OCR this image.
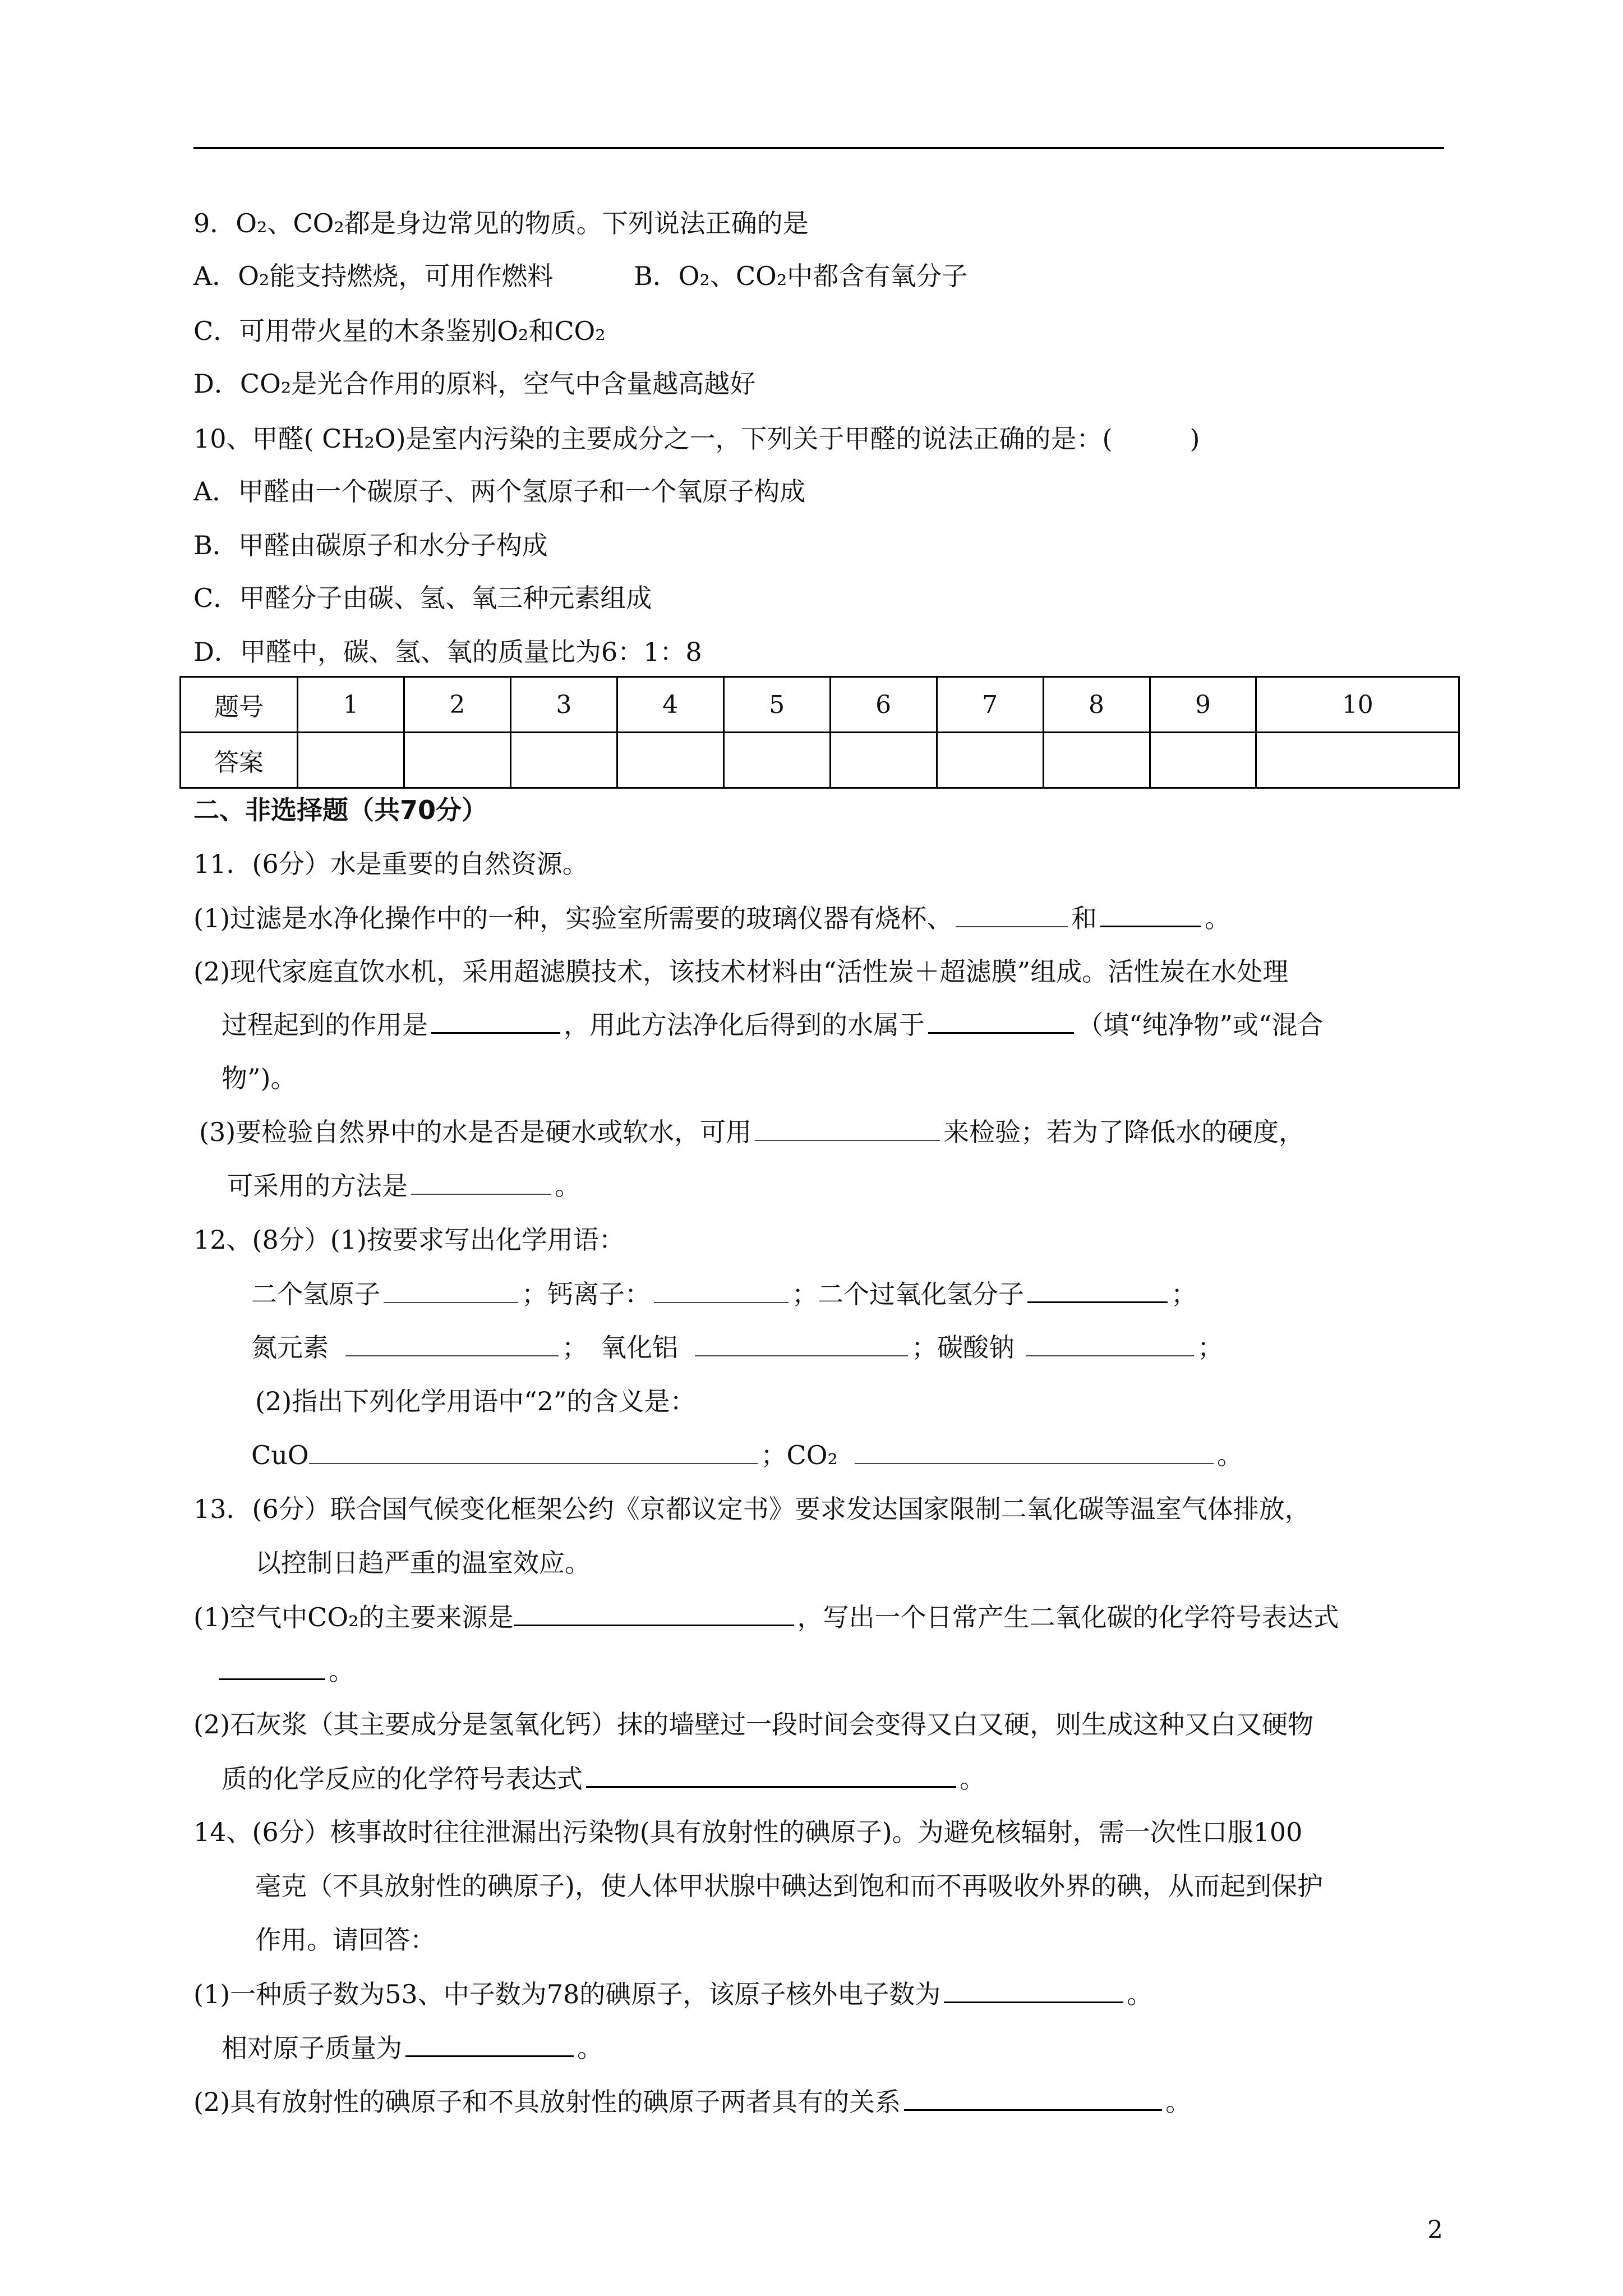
9．O₂、CO₂都是身边常见的物质。下列说法正确的是
A．O₂能支持燃烧，可用作燃料	B．O₂、CO₂中都含有氧分子
C．可用带火星的木条鉴别O₂和CO₂
D．CO₂是光合作用的原料，空气中含量越高越好
10、甲醛( CH₂O)是室内污染的主要成分之一，下列关于甲醛的说法正确的是：(　　　)
A．甲醛由一个碳原子、两个氢原子和一个氧原子构成
B．甲醛由碳原子和水分子构成
C．甲醛分子由碳、氢、氧三种元素组成
D．甲醛中，碳、氢、氧的质量比为6：1：8
题号	1	2	3	4	5	6	7	8	9	10
答案										
二、非选择题（共70分）
11．(6分）水是重要的自然资源。
(1)过滤是水净化操作中的一种，实验室所需要的玻璃仪器有烧杯、	和	。
(2)现代家庭直饮水机，采用超滤膜技术，该技术材料由“活性炭＋超滤膜”组成。活性炭在水处理
过程起到的作用是	，用此方法净化后得到的水属于	（填“纯净物”或“混合
物”)。
(3)要检验自然界中的水是否是硬水或软水，可用	来检验；若为了降低水的硬度，
可采用的方法是	。
12、(8分）(1)按要求写出化学用语：
二个氢原子	；钙离子：	；二个过氧化氢分子	；
氮元素	；　氧化铝	；碳酸钠	；
(2)指出下列化学用语中“2”的含义是：
CuO	；CO₂	。
13．(6分）联合国气候变化框架公约《京都议定书》要求发达国家限制二氧化碳等温室气体排放，
以控制日趋严重的温室效应。
(1)空气中CO₂的主要来源是	，写出一个日常产生二氧化碳的化学符号表达式
。
(2)石灰浆（其主要成分是氢氧化钙）抹的墙壁过一段时间会变得又白又硬，则生成这种又白又硬物
质的化学反应的化学符号表达式	。
14、(6分）核事故时往往泄漏出污染物(具有放射性的碘原子)。为避免核辐射，需一次性口服100
毫克（不具放射性的碘原子)，使人体甲状腺中碘达到饱和而不再吸收外界的碘，从而起到保护
作用。请回答：
(1)一种质子数为53、中子数为78的碘原子，该原子核外电子数为	。
相对原子质量为	。
(2)具有放射性的碘原子和不具放射性的碘原子两者具有的关系	。
2
